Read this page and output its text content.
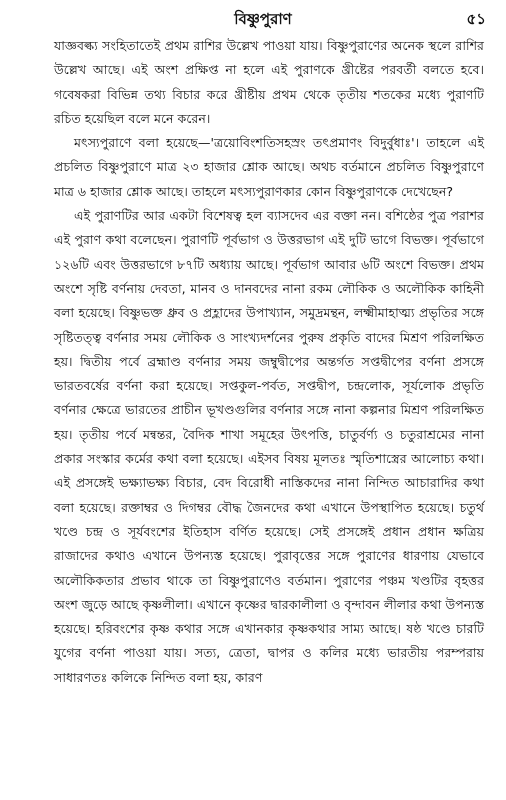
বিষ্ণুপুরাণ	৫১

যাজ্ঞবল্ক্য সংহিতাতেই প্রথম রাশির উল্লেখ পাওয়া যায়। বিষ্ণুপুরাণের অনেক স্থলে রাশির উল্লেখ আছে। এই অংশ প্রক্ষিপ্ত না হলে এই পুরাণকে খ্রীষ্টের পরবর্তী বলতে হবে। গবেষকরা বিভিন্ন তথ্য বিচার করে খ্রীষ্টীয় প্রথম থেকে তৃতীয় শতকের মধ্যে পুরাণটি রচিত হয়েছিল বলে মনে করেন।

মৎস্যপুরাণে বলা হয়েছে—'ত্রয়োবিংশতিসহস্রং তৎপ্রমাণং বিদুর্বুধাঃ'। তাহলে এই প্রচলিত বিষ্ণুপুরাণে মাত্র ২৩ হাজার শ্লোক আছে। অথচ বর্তমানে প্রচলিত বিষ্ণুপুরাণে মাত্র ৬ হাজার শ্লোক আছে। তাহলে মৎস্যপুরাণকার কোন বিষ্ণুপুরাণকে দেখেছেন?

এই পুরাণটির আর একটা বিশেষত্ব হল ব্যাসদেব এর বক্তা নন। বশিষ্ঠের পুত্র পরাশর এই পুরাণ কথা বলেছেন। পুরাণটি পূর্বভাগ ও উত্তরভাগ এই দুটি ভাগে বিভক্ত। পূর্বভাগে ১২৬টি এবং উত্তরভাগে ৮৭টি অধ্যায় আছে। পূর্বভাগ আবার ৬টি অংশে বিভক্ত। প্রথম অংশে সৃষ্টি বর্ণনায় দেবতা, মানব ও দানবদের নানা রকম লৌকিক ও অলৌকিক কাহিনী বলা হয়েছে। বিষ্ণুভক্ত ধ্রুব ও প্রহ্লাদের উপাখ্যান, সমুদ্রমন্থন, লক্ষ্মীমাহাত্ম্য প্রভৃতির সঙ্গে সৃষ্টিতত্ত্ব বর্ণনার সময় লৌকিক ও সাংখ্যদর্শনের পুরুষ প্রকৃতি বাদের মিশ্রণ পরিলক্ষিত হয়। দ্বিতীয় পর্বে ব্রহ্মাণ্ড বর্ণনার সময় জম্বুদ্বীপের অন্তর্গত সপ্তদ্বীপের বর্ণনা প্রসঙ্গে ভারতবর্ষের বর্ণনা করা হয়েছে। সপ্তকুল-পর্বত, সপ্তদ্বীপ, চন্দ্রলোক, সূর্যলোক প্রভৃতি বর্ণনার ক্ষেত্রে ভারতের প্রাচীন ভূখণ্ডগুলির বর্ণনার সঙ্গে নানা কল্পনার মিশ্রণ পরিলক্ষিত হয়। তৃতীয় পর্বে মন্বন্তর, বৈদিক শাখা সমূহের উৎপত্তি, চাতুর্বর্ণ্য ও চতুরাশ্রমের নানা প্রকার সংস্কার কর্মের কথা বলা হয়েছে। এইসব বিষয় মূলতঃ স্মৃতিশাস্ত্রের আলোচ্য কথা। এই প্রসঙ্গেই ভক্ষ্যাভক্ষ্য বিচার, বেদ বিরোধী নাস্তিকদের নানা নিন্দিত আচারাদির কথা বলা হয়েছে। রক্তাম্বর ও দিগম্বর বৌদ্ধ জৈনদের কথা এখানে উপস্থাপিত হয়েছে। চতুর্থ খণ্ডে চন্দ্র ও সূর্যবংশের ইতিহাস বর্ণিত হয়েছে। সেই প্রসঙ্গেই প্রধান প্রধান ক্ষত্রিয় রাজাদের কথাও এখানে উপন্যস্ত হয়েছে। পুরাবৃত্তের সঙ্গে পুরাণের ধারণায় যেভাবে অলৌকিকতার প্রভাব থাকে তা বিষ্ণুপুরাণেও বর্তমান। পুরাণের পঞ্চম খণ্ডটির বৃহত্তর অংশ জুড়ে আছে কৃষ্ণলীলা। এখানে কৃষ্ণের দ্বারকালীলা ও বৃন্দাবন লীলার কথা উপন্যস্ত হয়েছে। হরিবংশের কৃষ্ণ কথার সঙ্গে এখানকার কৃষ্ণকথার সাম্য আছে। ষষ্ঠ খণ্ডে চারটি যুগের বর্ণনা পাওয়া যায়। সত্য, ত্রেতা, দ্বাপর ও কলির মধ্যে ভারতীয় পরম্পরায় সাধারণতঃ কলিকে নিন্দিত বলা হয়, কারণ
